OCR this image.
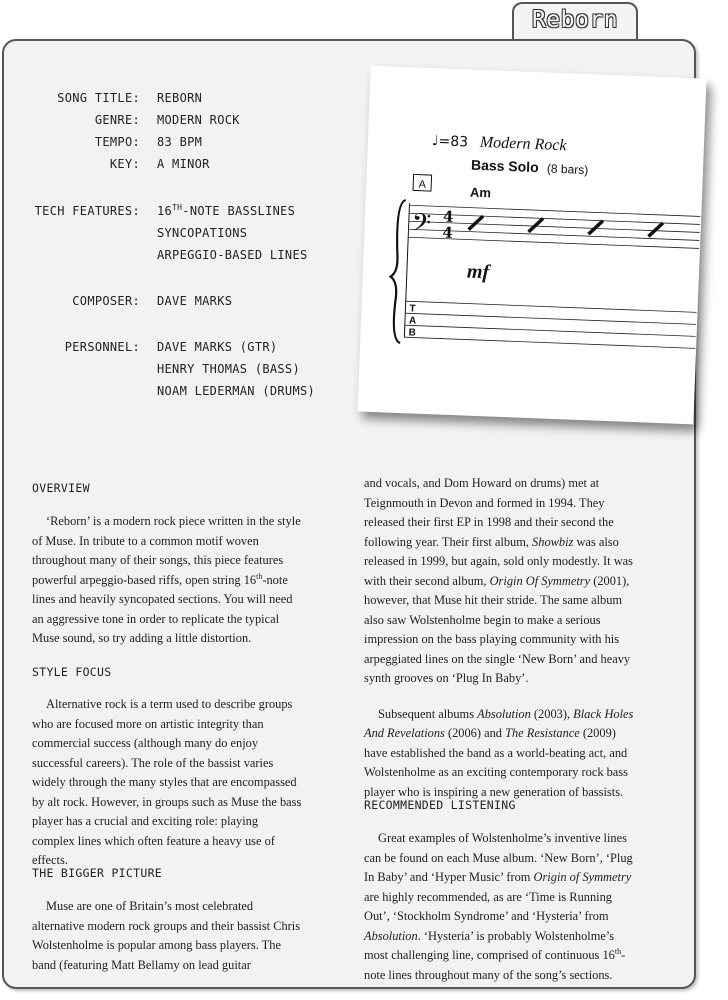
Reborn
SONG TITLE: REBORN
GENRE: MODERN ROCK
TEMPO: 83 BPM
KEY: A MINOR
TECH FEATURES: 16TH-NOTE BASSLINES
SYNCOPATIONS
ARPEGGIO-BASED LINES
COMPOSER: DAVE MARKS
PERSONNEL: DAVE MARKS (GTR)
HENRY THOMAS (BASS)
NOAM LEDERMAN (DRUMS)
♩=83 Modern Rock
Bass Solo (8 bars)
A	Am
𝄢 4
4
mf
T
A
B
OVERVIEW

‘Reborn’ is a modern rock piece written in the style of Muse. In tribute to a common motif woven throughout many of their songs, this piece features powerful arpeggio-based riffs, open string 16th-note lines and heavily syncopated sections. You will need an aggressive tone in order to replicate the typical Muse sound, so try adding a little distortion.

STYLE FOCUS

Alternative rock is a term used to describe groups who are focused more on artistic integrity than commercial success (although many do enjoy successful careers). The role of the bassist varies widely through the many styles that are encompassed by alt rock. However, in groups such as Muse the bass player has a crucial and exciting role: playing complex lines which often feature a heavy use of effects.

THE BIGGER PICTURE

Muse are one of Britain’s most celebrated alternative modern rock groups and their bassist Chris Wolstenholme is popular among bass players. The band (featuring Matt Bellamy on lead guitar

and vocals, and Dom Howard on drums) met at Teignmouth in Devon and formed in 1994. They released their first EP in 1998 and their second the following year. Their first album, Showbiz was also released in 1999, but again, sold only modestly. It was with their second album, Origin Of Symmetry (2001), however, that Muse hit their stride. The same album also saw Wolstenholme begin to make a serious impression on the bass playing community with his arpeggiated lines on the single ‘New Born’ and heavy synth grooves on ‘Plug In Baby’.

Subsequent albums Absolution (2003), Black Holes And Revelations (2006) and The Resistance (2009) have established the band as a world-beating act, and Wolstenholme as an exciting contemporary rock bass player who is inspiring a new generation of bassists.

RECOMMENDED LISTENING

Great examples of Wolstenholme’s inventive lines can be found on each Muse album. ‘New Born’, ‘Plug In Baby’ and ‘Hyper Music’ from Origin of Symmetry are highly recommended, as are ‘Time is Running Out’, ‘Stockholm Syndrome’ and ‘Hysteria’ from Absolution. ‘Hysteria’ is probably Wolstenholme’s most challenging line, comprised of continuous 16th-note lines throughout many of the song’s sections.
